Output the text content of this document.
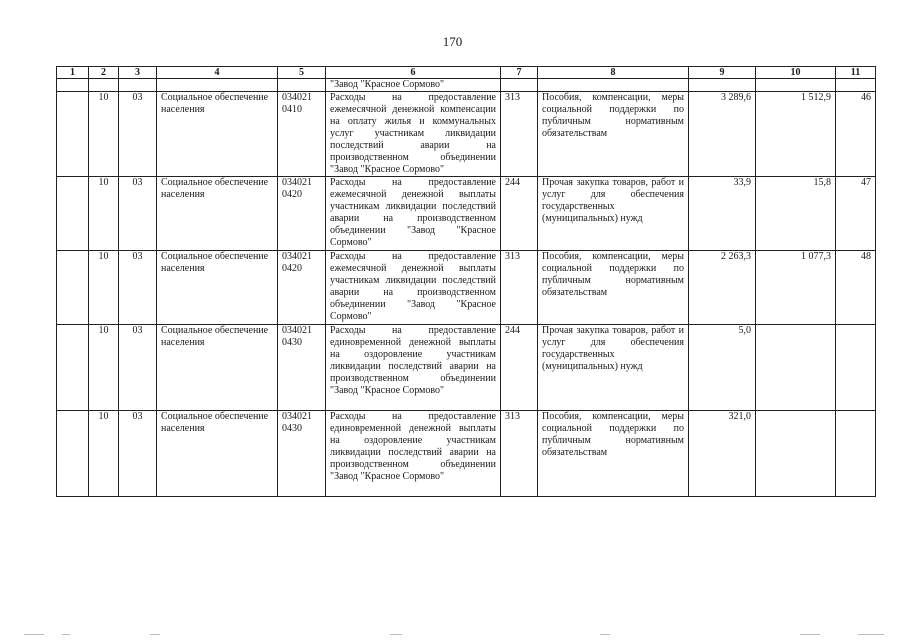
170
1	2	3	4	5	6	7	8	9	10	11
					"Завод "Красное Сормово"					
	10	03	Социальное обеспечение населения	034021 0410	Расходы на предоставление ежемесячной денежной компенсации на оплату жилья и коммунальных услуг участникам ликвидации последствий аварии на производственном объединении "Завод "Красное Сормово"	313	Пособия, компенсации, меры социальной поддержки по публичным нормативным обязательствам	3 289,6	1 512,9	46
	10	03	Социальное обеспечение населения	034021 0420	Расходы на предоставление ежемесячной денежной выплаты участникам ликвидации последствий аварии на производственном объединении "Завод "Красное Сормово"	244	Прочая закупка товаров, работ и услуг для обеспечения государственных (муниципальных) нужд	33,9	15,8	47
	10	03	Социальное обеспечение населения	034021 0420	Расходы на предоставление ежемесячной денежной выплаты участникам ликвидации последствий аварии на производственном объединении "Завод "Красное Сормово"	313	Пособия, компенсации, меры социальной поддержки по публичным нормативным обязательствам	2 263,3	1 077,3	48
	10	03	Социальное обеспечение населения	034021 0430	Расходы на предоставление единовременной денежной выплаты на оздоровление участникам ликвидации последствий аварии на производственном объединении "Завод "Красное Сормово"	244	Прочая закупка товаров, работ и услуг для обеспечения государственных (муниципальных) нужд	5,0		
	10	03	Социальное обеспечение населения	034021 0430	Расходы на предоставление единовременной денежной выплаты на оздоровление участникам ликвидации последствий аварии на производственном объединении "Завод "Красное Сормово"	313	Пособия, компенсации, меры социальной поддержки по публичным нормативным обязательствам	321,0		
